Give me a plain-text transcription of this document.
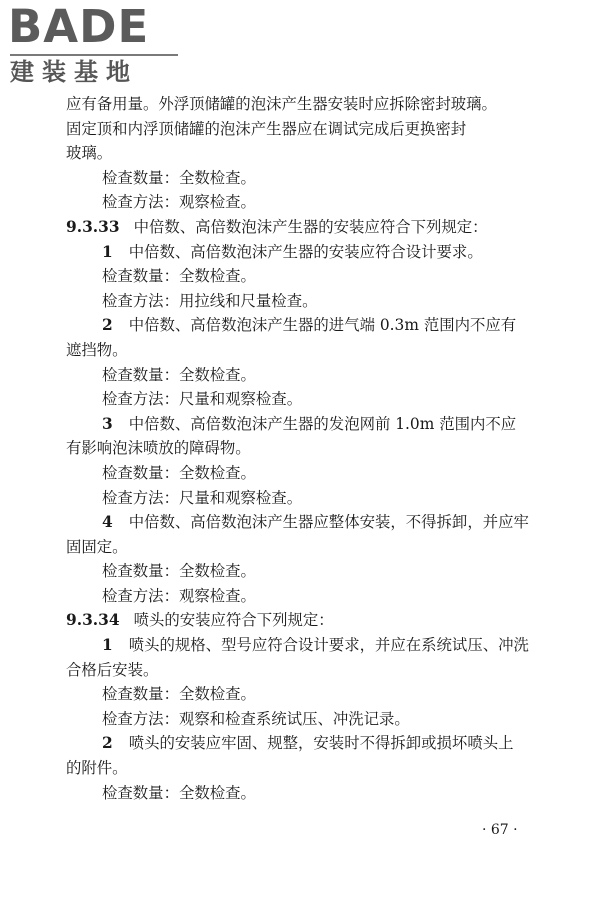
BADE
建装基地
应有备用量。外浮顶储罐的泡沫产生器安装时应拆除密封玻璃。
固定顶和内浮顶储罐的泡沫产生器应在调试完成后更换密封
玻璃。
检查数量：全数检查。
检查方法：观察检查。
9.3.33 中倍数、高倍数泡沫产生器的安装应符合下列规定：
1 中倍数、高倍数泡沫产生器的安装应符合设计要求。
检查数量：全数检查。
检查方法：用拉线和尺量检查。
2 中倍数、高倍数泡沫产生器的进气端 0.3m 范围内不应有
遮挡物。
检查数量：全数检查。
检查方法：尺量和观察检查。
3 中倍数、高倍数泡沫产生器的发泡网前 1.0m 范围内不应
有影响泡沫喷放的障碍物。
检查数量：全数检查。
检查方法：尺量和观察检查。
4 中倍数、高倍数泡沫产生器应整体安装，不得拆卸，并应牢
固固定。
检查数量：全数检查。
检查方法：观察检查。
9.3.34 喷头的安装应符合下列规定：
1 喷头的规格、型号应符合设计要求，并应在系统试压、冲洗
合格后安装。
检查数量：全数检查。
检查方法：观察和检查系统试压、冲洗记录。
2 喷头的安装应牢固、规整，安装时不得拆卸或损坏喷头上
的附件。
检查数量：全数检查。
· 67 ·
